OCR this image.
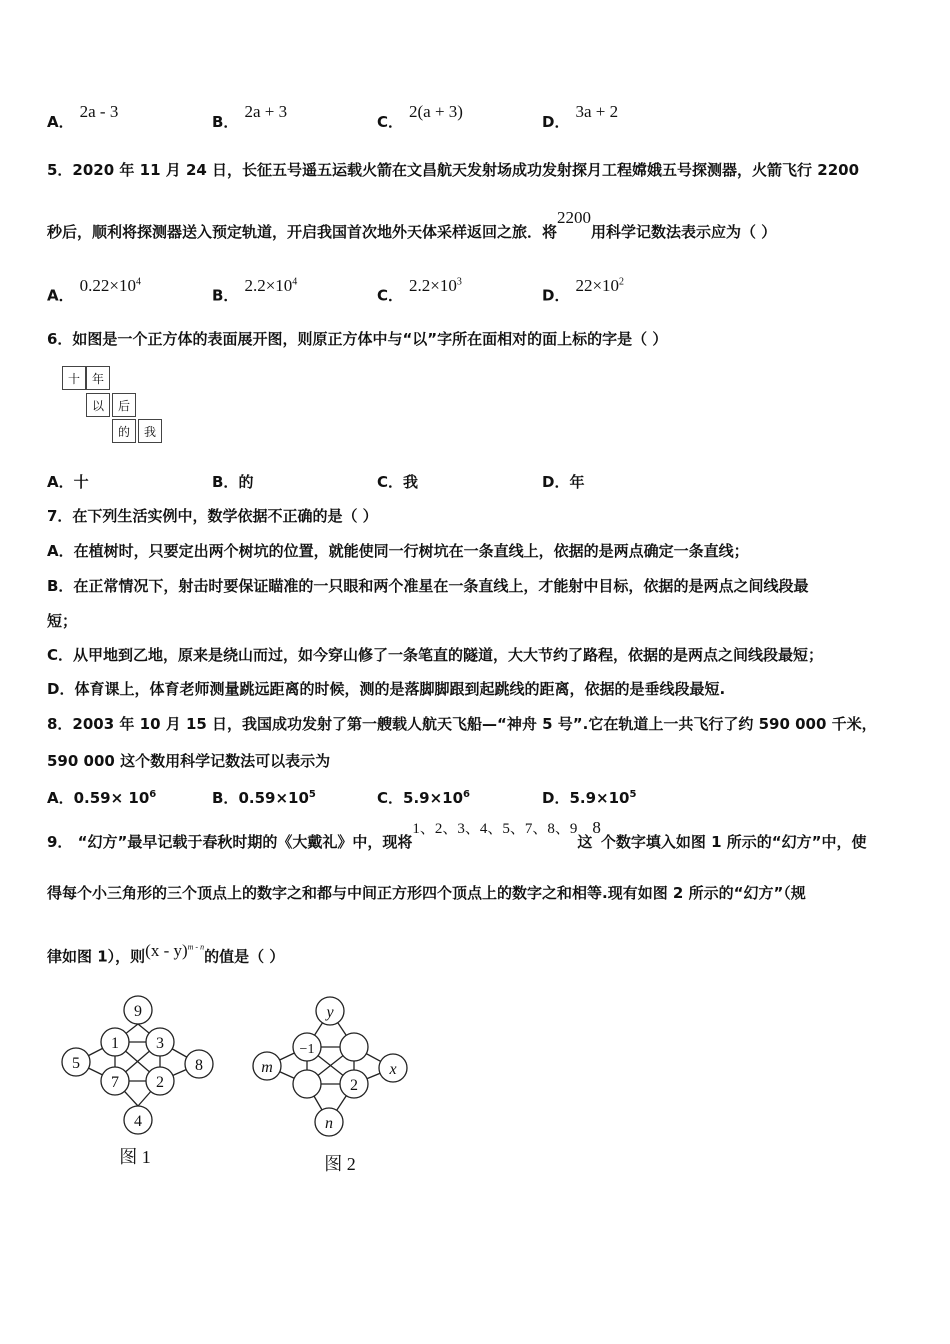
A．2a - 3
B．2a + 3
C．2(a + 3)
D．3a + 2
5．2020 年 11 月 24 日，长征五号遥五运载火箭在文昌航天发射场成功发射探月工程嫦娥五号探测器，火箭飞行 2200
秒后，顺利将探测器送入预定轨道，开启我国首次地外天体采样返回之旅．将2200用科学记数法表示应为（ ）
A．$0.22\times 10^4$
B．$2.2\times 10^4$
C．$2.2\times 10^3$
D．$22\times 10^2$
6．如图是一个正方体的表面展开图，则原正方体中与“以”字所在面相对的面上标的字是（ ）
十 年
以	后
的	我
A．十	B．的	C．我	D．年
7．在下列生活实例中，数学依据不正确的是（ ）
A．在植树时，只要定出两个树坑的位置，就能使同一行树坑在一条直线上，依据的是两点确定一条直线；
B．在正常情况下，射击时要保证瞄准的一只眼和两个准星在一条直线上，才能射中目标，依据的是两点之间线段最
短；
C．从甲地到乙地，原来是绕山而过，如今穿山修了一条笔直的隧道，大大节约了路程，依据的是两点之间线段最短；
D．体育课上，体育老师测量跳远距离的时候，测的是落脚脚跟到起跳线的距离，依据的是垂线段最短.
8．2003 年 10 月 15 日，我国成功发射了第一艘载人航天飞船—“神舟 5 号”.它在轨道上一共飞行了约 590 000 千米，
590 000 这个数用科学记数法可以表示为
A．$0.59\times 10^6$	B．$0.59\times 10^5$	C．$5.9\times 10^6$	D．$5.9\times 10^5$
9． “幻方”最早记载于春秋时期的《大戴礼》中，现将1、2、3、4、5、7、8、9这8个数字填入如图 1 所示的“幻方”中，使
得每个小三角形的三个顶点上的数字之和都与中间正方形四个顶点上的数字之和相等.现有如图 2 所示的“幻方”（规
律如图 1），则(x - y)$^{m - n}$的值是（ ）
9
1 3
5	8
7 2
4
图 1
y
−1
m	x
2
n
图 2
